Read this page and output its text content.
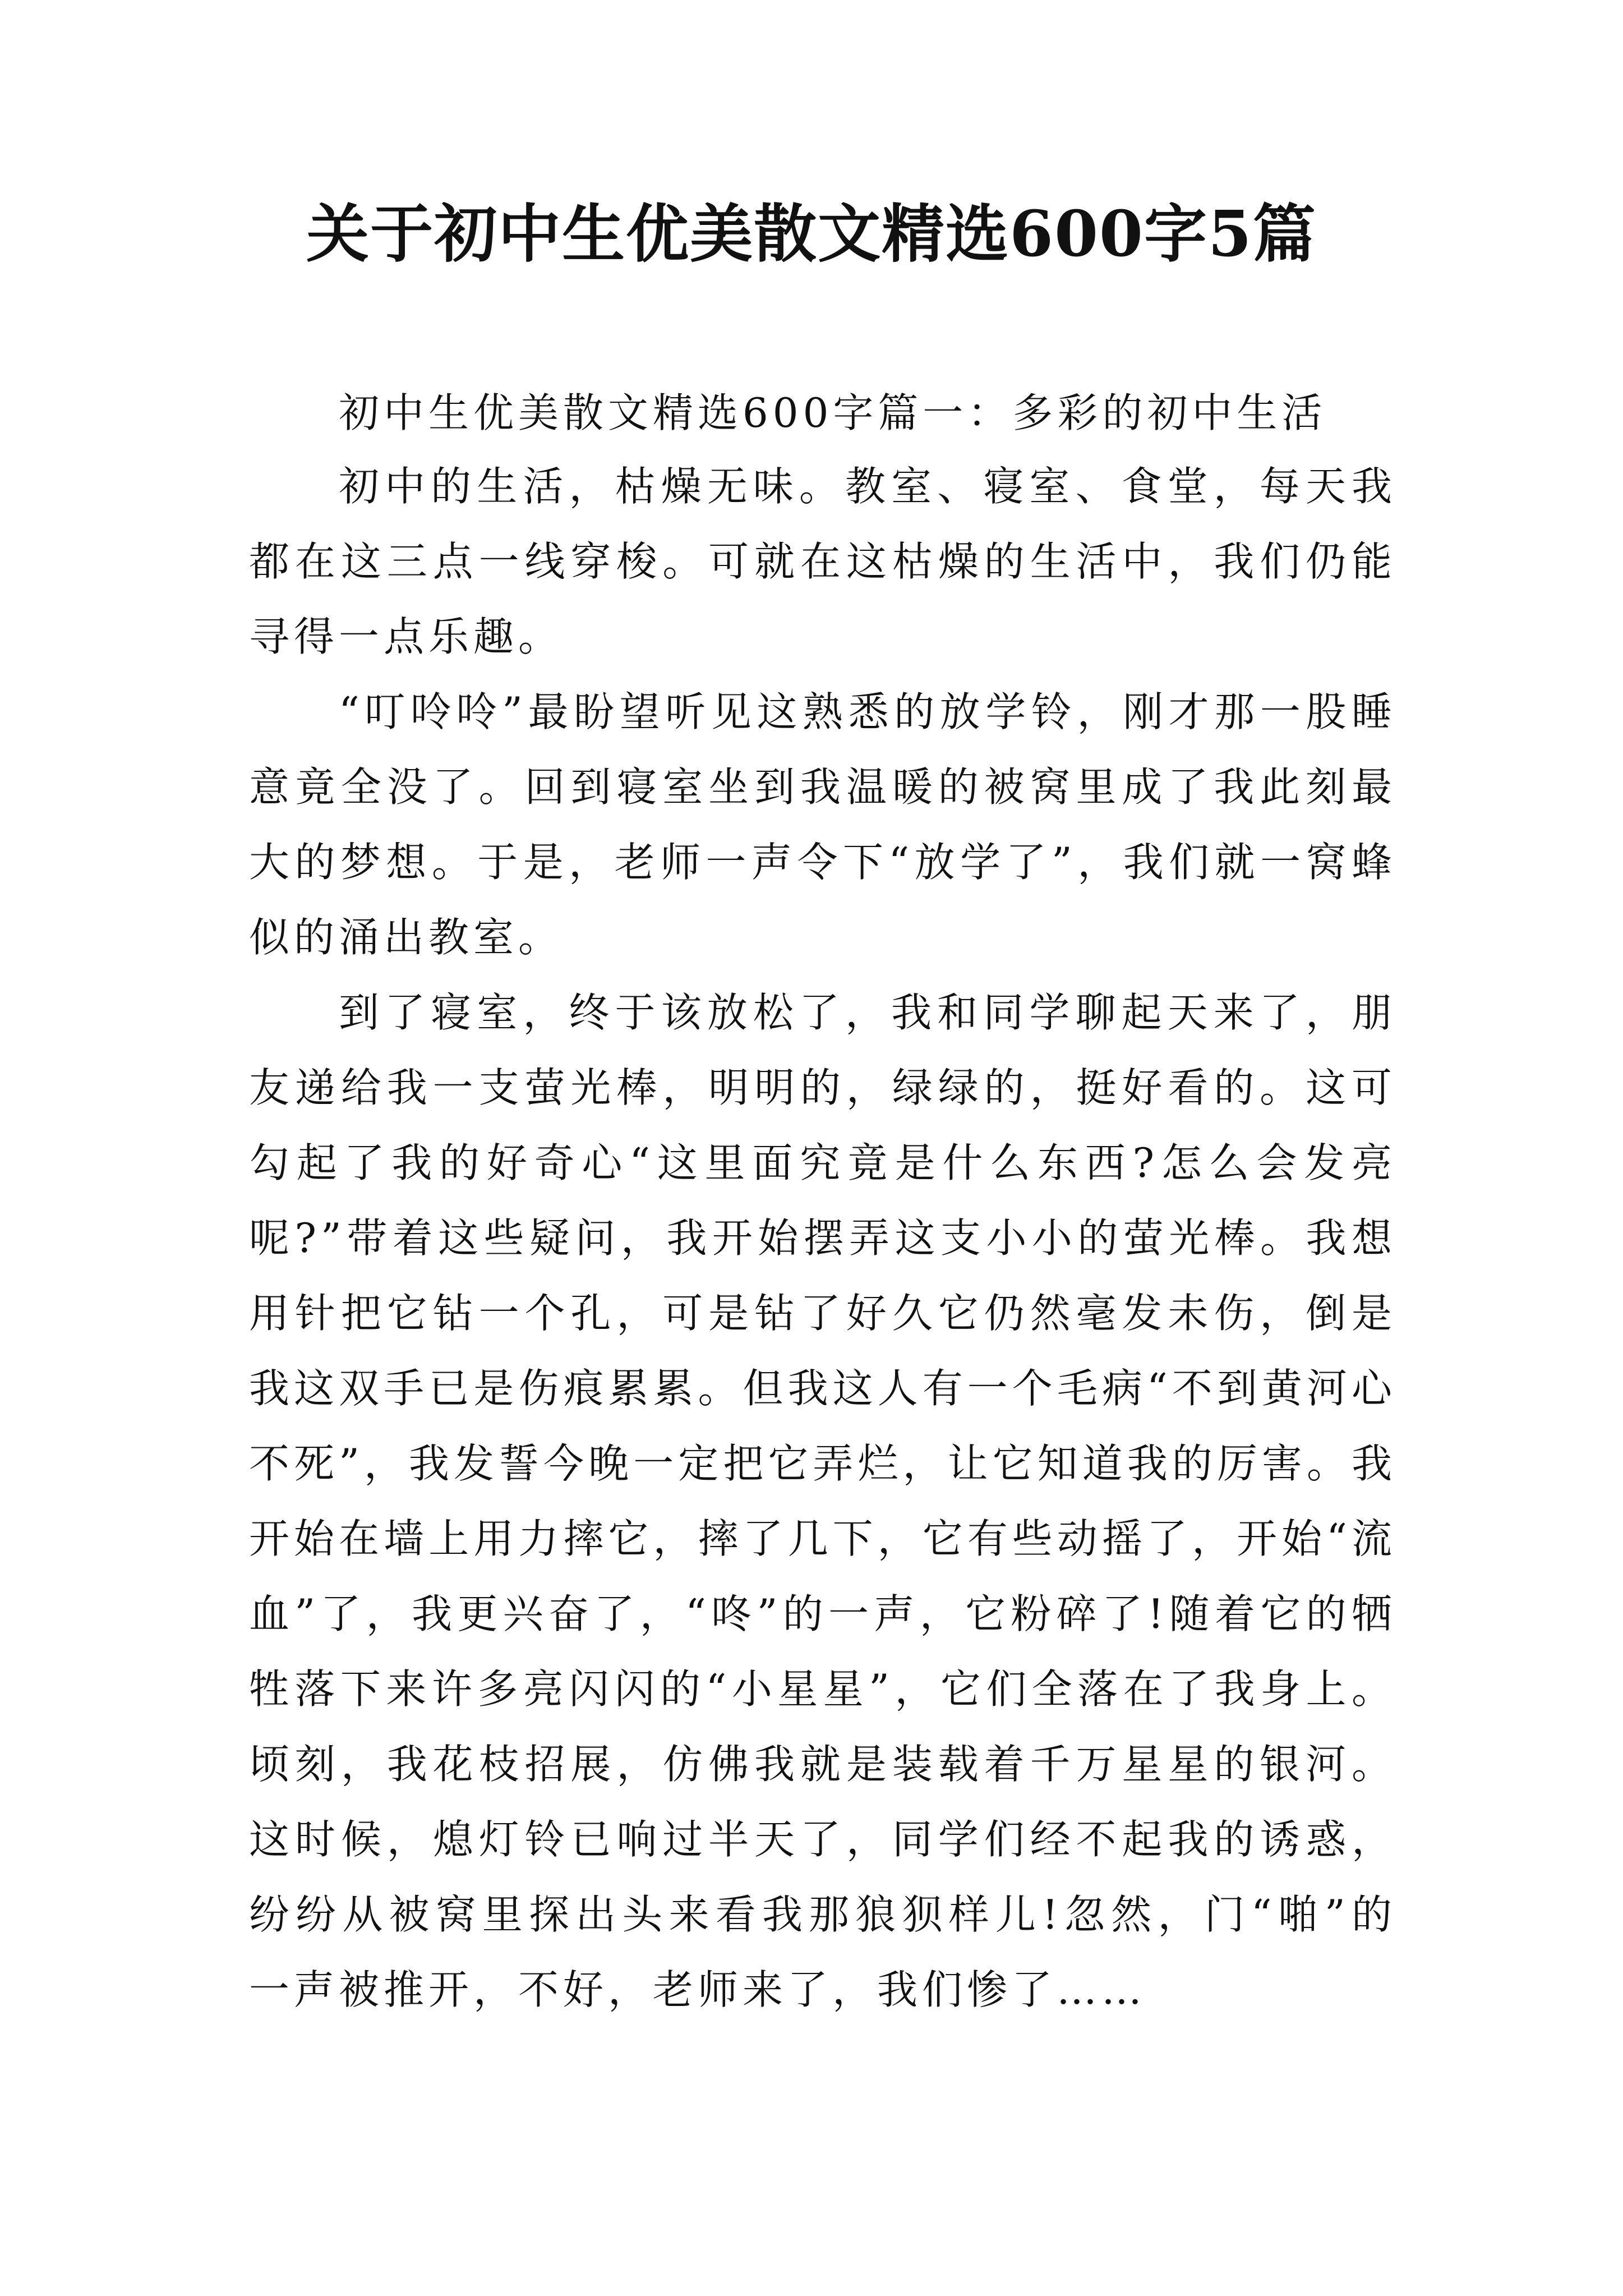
关于初中生优美散文精选600字5篇

初中生优美散文精选600字篇一：多彩的初中生活

初中的生活，枯燥无味。教室、寝室、食堂，每天我都在这三点一线穿梭。可就在这枯燥的生活中，我们仍能寻得一点乐趣。

“叮呤呤”最盼望听见这熟悉的放学铃，刚才那一股睡意竟全没了。回到寝室坐到我温暖的被窝里成了我此刻最大的梦想。于是，老师一声令下“放学了”，我们就一窝蜂似的涌出教室。

到了寝室，终于该放松了，我和同学聊起天来了，朋友递给我一支萤光棒，明明的，绿绿的，挺好看的。这可勾起了我的好奇心“这里面究竟是什么东西?怎么会发亮呢?”带着这些疑问，我开始摆弄这支小小的萤光棒。我想用针把它钻一个孔，可是钻了好久它仍然毫发未伤，倒是我这双手已是伤痕累累。但我这人有一个毛病“不到黄河心不死”，我发誓今晚一定把它弄烂，让它知道我的厉害。我开始在墙上用力摔它，摔了几下，它有些动摇了，开始“流血”了，我更兴奋了，“咚”的一声，它粉碎了!随着它的牺牲落下来许多亮闪闪的“小星星”，它们全落在了我身上。顷刻，我花枝招展，仿佛我就是装载着千万星星的银河。这时候，熄灯铃已响过半天了，同学们经不起我的诱惑，纷纷从被窝里探出头来看我那狼狈样儿!忽然，门“啪”的一声被推开，不好，老师来了，我们惨了……
